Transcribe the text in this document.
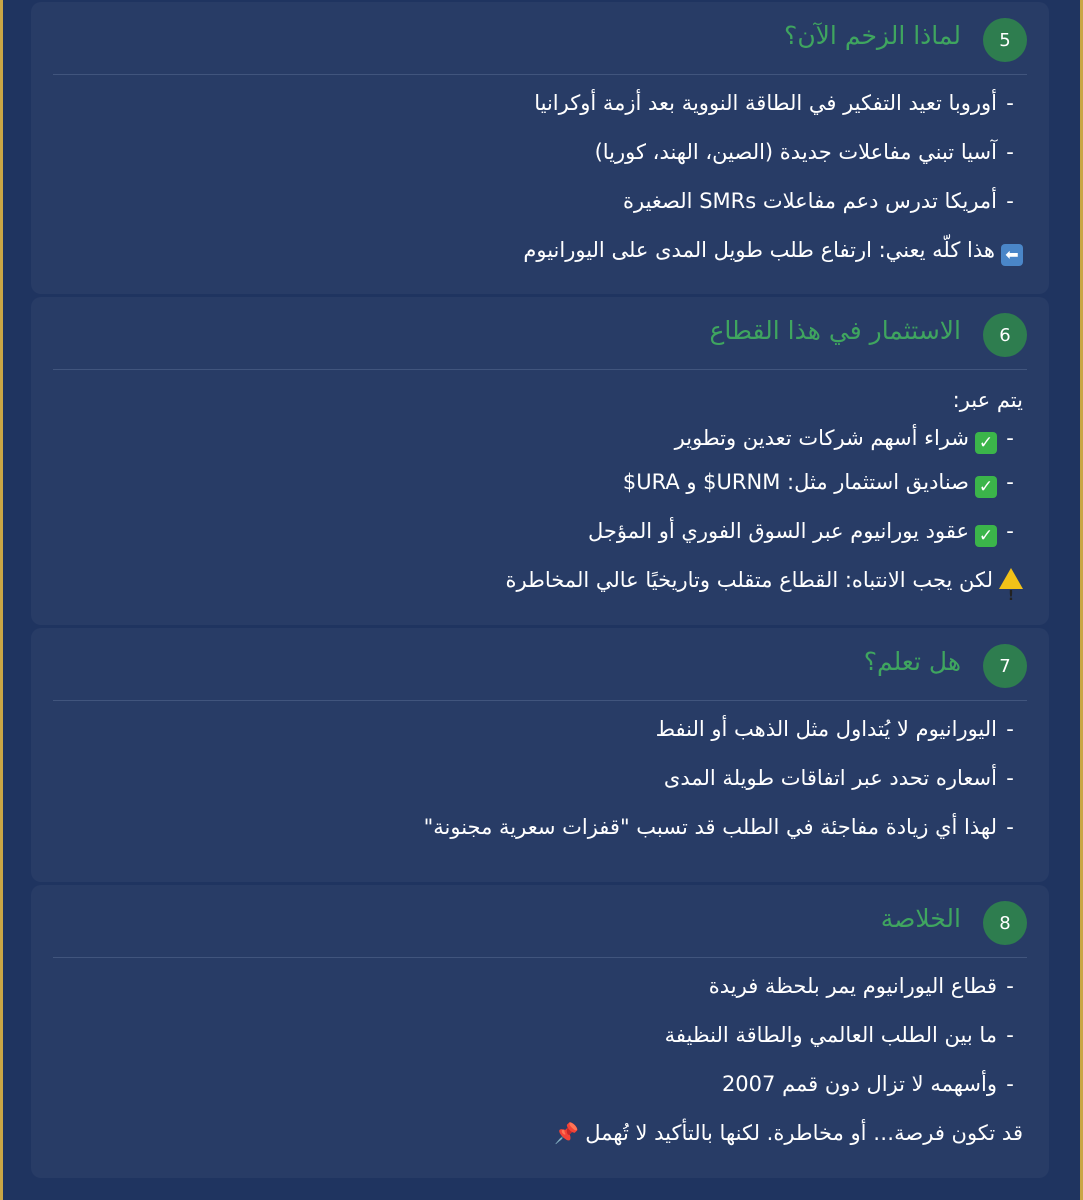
5
لماذا الزخم الآن؟
-أوروبا تعيد التفكير في الطاقة النووية بعد أزمة أوكرانيا
-آسيا تبني مفاعلات جديدة (الصين، الهند، كوريا)
-أمريكا تدرس دعم مفاعلات SMRs الصغيرة
⬅هذا كلّه يعني: ارتفاع طلب طويل المدى على اليورانيوم
6
الاستثمار في هذا القطاع
يتم عبر:
-✓شراء أسهم شركات تعدين وتطوير
-✓صناديق استثمار مثل: URNM$ و URA$
-✓عقود يورانيوم عبر السوق الفوري أو المؤجل
!
لكن يجب الانتباه: القطاع متقلب وتاريخيًا عالي المخاطرة
7
هل تعلم؟
-اليورانيوم لا يُتداول مثل الذهب أو النفط
-أسعاره تحدد عبر اتفاقات طويلة المدى
-لهذا أي زيادة مفاجئة في الطلب قد تسبب "قفزات سعرية مجنونة"
8
الخلاصة
-قطاع اليورانيوم يمر بلحظة فريدة
-ما بين الطلب العالمي والطاقة النظيفة
-وأسهمه لا تزال دون قمم 2007
قد تكون فرصة… أو مخاطرة. لكنها بالتأكيد لا تُهمل📌
